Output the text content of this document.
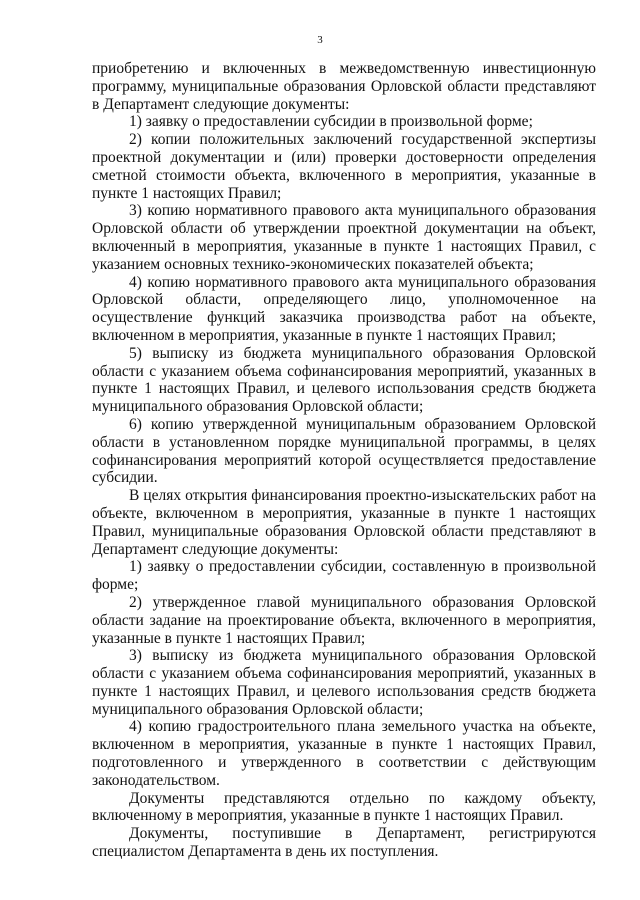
3

приобретению и включенных в межведомственную инвестиционную программу, муниципальные образования Орловской области представляют в Департамент следующие документы:

1) заявку о предоставлении субсидии в произвольной форме;

2) копии положительных заключений государственной экспертизы проектной документации и (или) проверки достоверности определения сметной стоимости объекта, включенного в мероприятия, указанные в пункте 1 настоящих Правил;

3) копию нормативного правового акта муниципального образования Орловской области об утверждении проектной документации на объект, включенный в мероприятия, указанные в пункте 1 настоящих Правил, с указанием основных технико-экономических показателей объекта;

4) копию нормативного правового акта муниципального образования Орловской области, определяющего лицо, уполномоченное на осуществление функций заказчика производства работ на объекте, включенном в мероприятия, указанные в пункте 1 настоящих Правил;

5) выписку из бюджета муниципального образования Орловской области с указанием объема софинансирования мероприятий, указанных в пункте 1 настоящих Правил, и целевого использования средств бюджета муниципального образования Орловской области;

6) копию утвержденной муниципальным образованием Орловской области в установленном порядке муниципальной программы, в целях софинансирования мероприятий которой осуществляется предоставление субсидии.

В целях открытия финансирования проектно-изыскательских работ на объекте, включенном в мероприятия, указанные в пункте 1 настоящих Правил, муниципальные образования Орловской области представляют в Департамент следующие документы:

1) заявку о предоставлении субсидии, составленную в произвольной форме;

2) утвержденное главой муниципального образования Орловской области задание на проектирование объекта, включенного в мероприятия, указанные в пункте 1 настоящих Правил;

3) выписку из бюджета муниципального образования Орловской области с указанием объема софинансирования мероприятий, указанных в пункте 1 настоящих Правил, и целевого использования средств бюджета муниципального образования Орловской области;

4) копию градостроительного плана земельного участка на объекте, включенном в мероприятия, указанные в пункте 1 настоящих Правил, подготовленного и утвержденного в соответствии с действующим законодательством.

Документы представляются отдельно по каждому объекту, включенному в мероприятия, указанные в пункте 1 настоящих Правил.

Документы, поступившие в Департамент, регистрируются специалистом Департамента в день их поступления.
